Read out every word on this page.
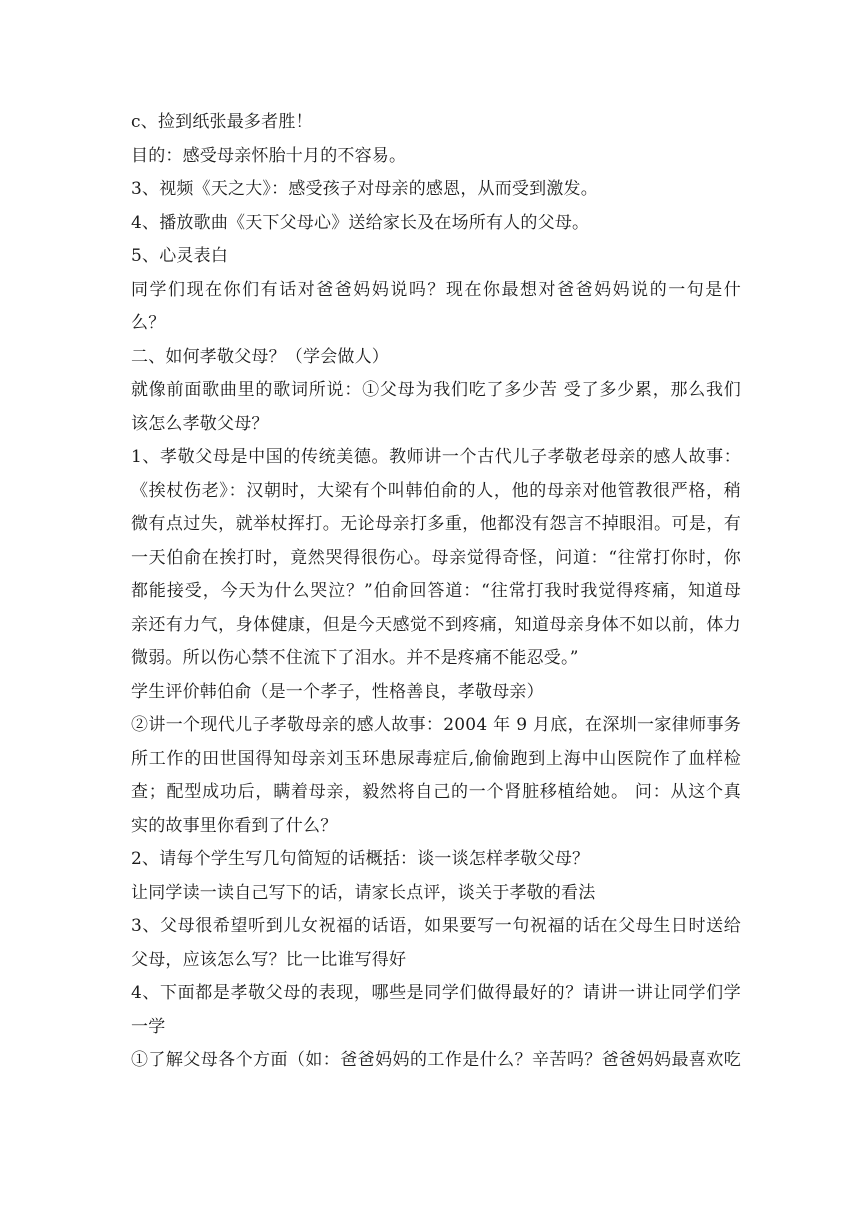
c、捡到纸张最多者胜！
目的：感受母亲怀胎十月的不容易。
3、视频《天之大》：感受孩子对母亲的感恩，从而受到激发。
4、播放歌曲《天下父母心》送给家长及在场所有人的父母。
5、心灵表白
同学们现在你们有话对爸爸妈妈说吗？现在你最想对爸爸妈妈说的一句是什
么？
二、如何孝敬父母？（学会做人）
就像前面歌曲里的歌词所说：①父母为我们吃了多少苦 受了多少累，那么我们
该怎么孝敬父母？
1、孝敬父母是中国的传统美德。教师讲一个古代儿子孝敬老母亲的感人故事：
《挨杖伤老》：汉朝时，大梁有个叫韩伯俞的人，他的母亲对他管教很严格，稍
微有点过失，就举杖挥打。无论母亲打多重，他都没有怨言不掉眼泪。可是，有
一天伯俞在挨打时，竟然哭得很伤心。母亲觉得奇怪，问道：“往常打你时，你
都能接受，今天为什么哭泣？”伯俞回答道：“往常打我时我觉得疼痛，知道母
亲还有力气，身体健康，但是今天感觉不到疼痛，知道母亲身体不如以前，体力
微弱。所以伤心禁不住流下了泪水。并不是疼痛不能忍受。”
学生评价韩伯俞（是一个孝子，性格善良，孝敬母亲）
②讲一个现代儿子孝敬母亲的感人故事：2004 年 9 月底，在深圳一家律师事务
所工作的田世国得知母亲刘玉环患尿毒症后,偷偷跑到上海中山医院作了血样检
查；配型成功后，瞒着母亲，毅然将自己的一个肾脏移植给她。 问：从这个真
实的故事里你看到了什么？
2、请每个学生写几句简短的话概括：谈一谈怎样孝敬父母？
让同学读一读自己写下的话，请家长点评，谈关于孝敬的看法
3、父母很希望听到儿女祝福的话语，如果要写一句祝福的话在父母生日时送给
父母，应该怎么写？比一比谁写得好
4、下面都是孝敬父母的表现，哪些是同学们做得最好的？请讲一讲让同学们学
一学
①了解父母各个方面（如：爸爸妈妈的工作是什么？辛苦吗？爸爸妈妈最喜欢吃
